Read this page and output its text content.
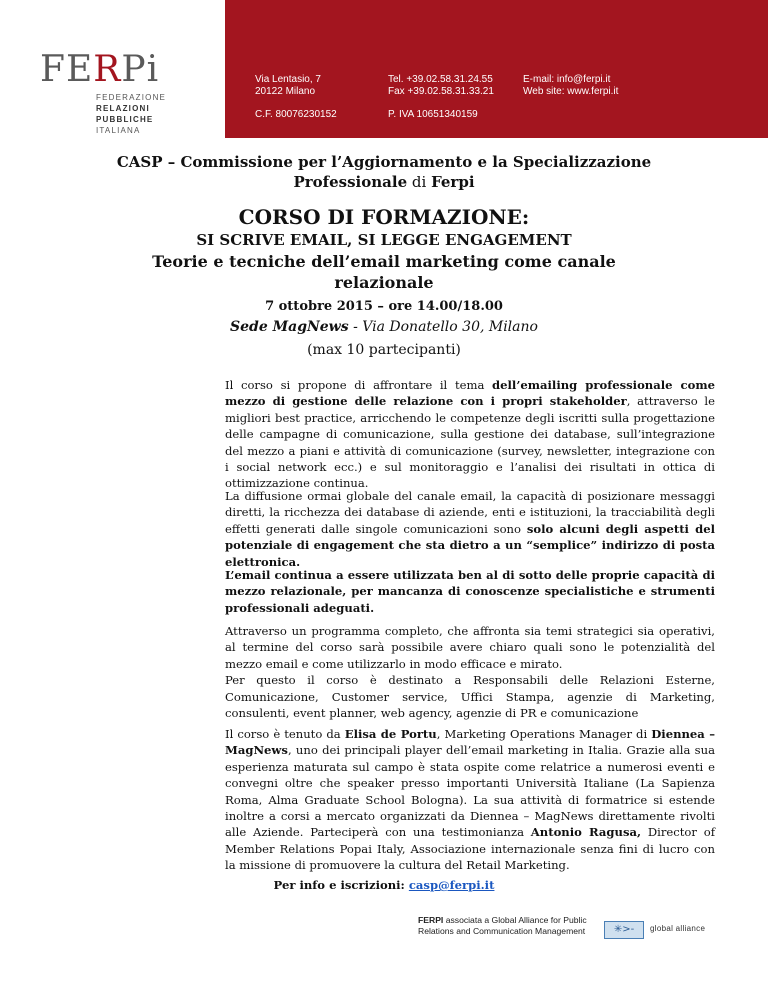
FERPi
FEDERAZIONE
RELAZIONI
PUBBLICHE
ITALIANA
Via Lentasio, 7
20122 Milano
Tel. +39.02.58.31.24.55
Fax +39.02.58.31.33.21
E-mail: info@ferpi.it
Web site: www.ferpi.it
C.F. 80076230152	P. IVA 10651340159
CASP – Commissione per l’Aggiornamento e la Specializzazione
Professionale di Ferpi
CORSO DI FORMAZIONE:
SI SCRIVE EMAIL, SI LEGGE ENGAGEMENT
Teorie e tecniche dell’email marketing come canale
relazionale
7 ottobre 2015 – ore 14.00/18.00
Sede MagNews - Via Donatello 30, Milano
(max 10 partecipanti)
Il corso si propone di affrontare il tema dell’emailing professionale come mezzo di gestione delle relazione con i propri stakeholder, attraverso le migliori best practice, arricchendo le competenze degli iscritti sulla progettazione delle campagne di comunicazione, sulla gestione dei database, sull’integrazione del mezzo a piani e attività di comunicazione (survey, newsletter, integrazione con i social network ecc.) e sul monitoraggio e l’analisi dei risultati in ottica di ottimizzazione continua.
La diffusione ormai globale del canale email, la capacità di posizionare messaggi diretti, la ricchezza dei database di aziende, enti e istituzioni, la tracciabilità degli effetti generati dalle singole comunicazioni sono solo alcuni degli aspetti del potenziale di engagement che sta dietro a un “semplice” indirizzo di posta elettronica.
L’email continua a essere utilizzata ben al di sotto delle proprie capacità di mezzo relazionale, per mancanza di conoscenze specialistiche e strumenti professionali adeguati.
Attraverso un programma completo, che affronta sia temi strategici sia operativi, al termine del corso sarà possibile avere chiaro quali sono le potenzialità del mezzo email e come utilizzarlo in modo efficace e mirato.
Per questo il corso è destinato a Responsabili delle Relazioni Esterne, Comunicazione, Customer service, Uffici Stampa, agenzie di Marketing, consulenti, event planner, web agency, agenzie di PR e comunicazione
Il corso è tenuto da Elisa de Portu, Marketing Operations Manager di Diennea – MagNews, uno dei principali player dell’email marketing in Italia. Grazie alla sua esperienza maturata sul campo è stata ospite come relatrice a numerosi eventi e convegni oltre che speaker presso importanti Università Italiane (La Sapienza Roma, Alma Graduate School Bologna). La sua attività di formatrice si estende inoltre a corsi a mercato organizzati da Diennea – MagNews direttamente rivolti alle Aziende. Parteciperà con una testimonianza Antonio Ragusa, Director of Member Relations Popai Italy, Associazione internazionale senza fini di lucro con la missione di promuovere la cultura del Retail Marketing.
Per info e iscrizioni: casp@ferpi.it
FERPI associata a Global Alliance for Public
Relations and Communication Management	✳>-	global alliance
